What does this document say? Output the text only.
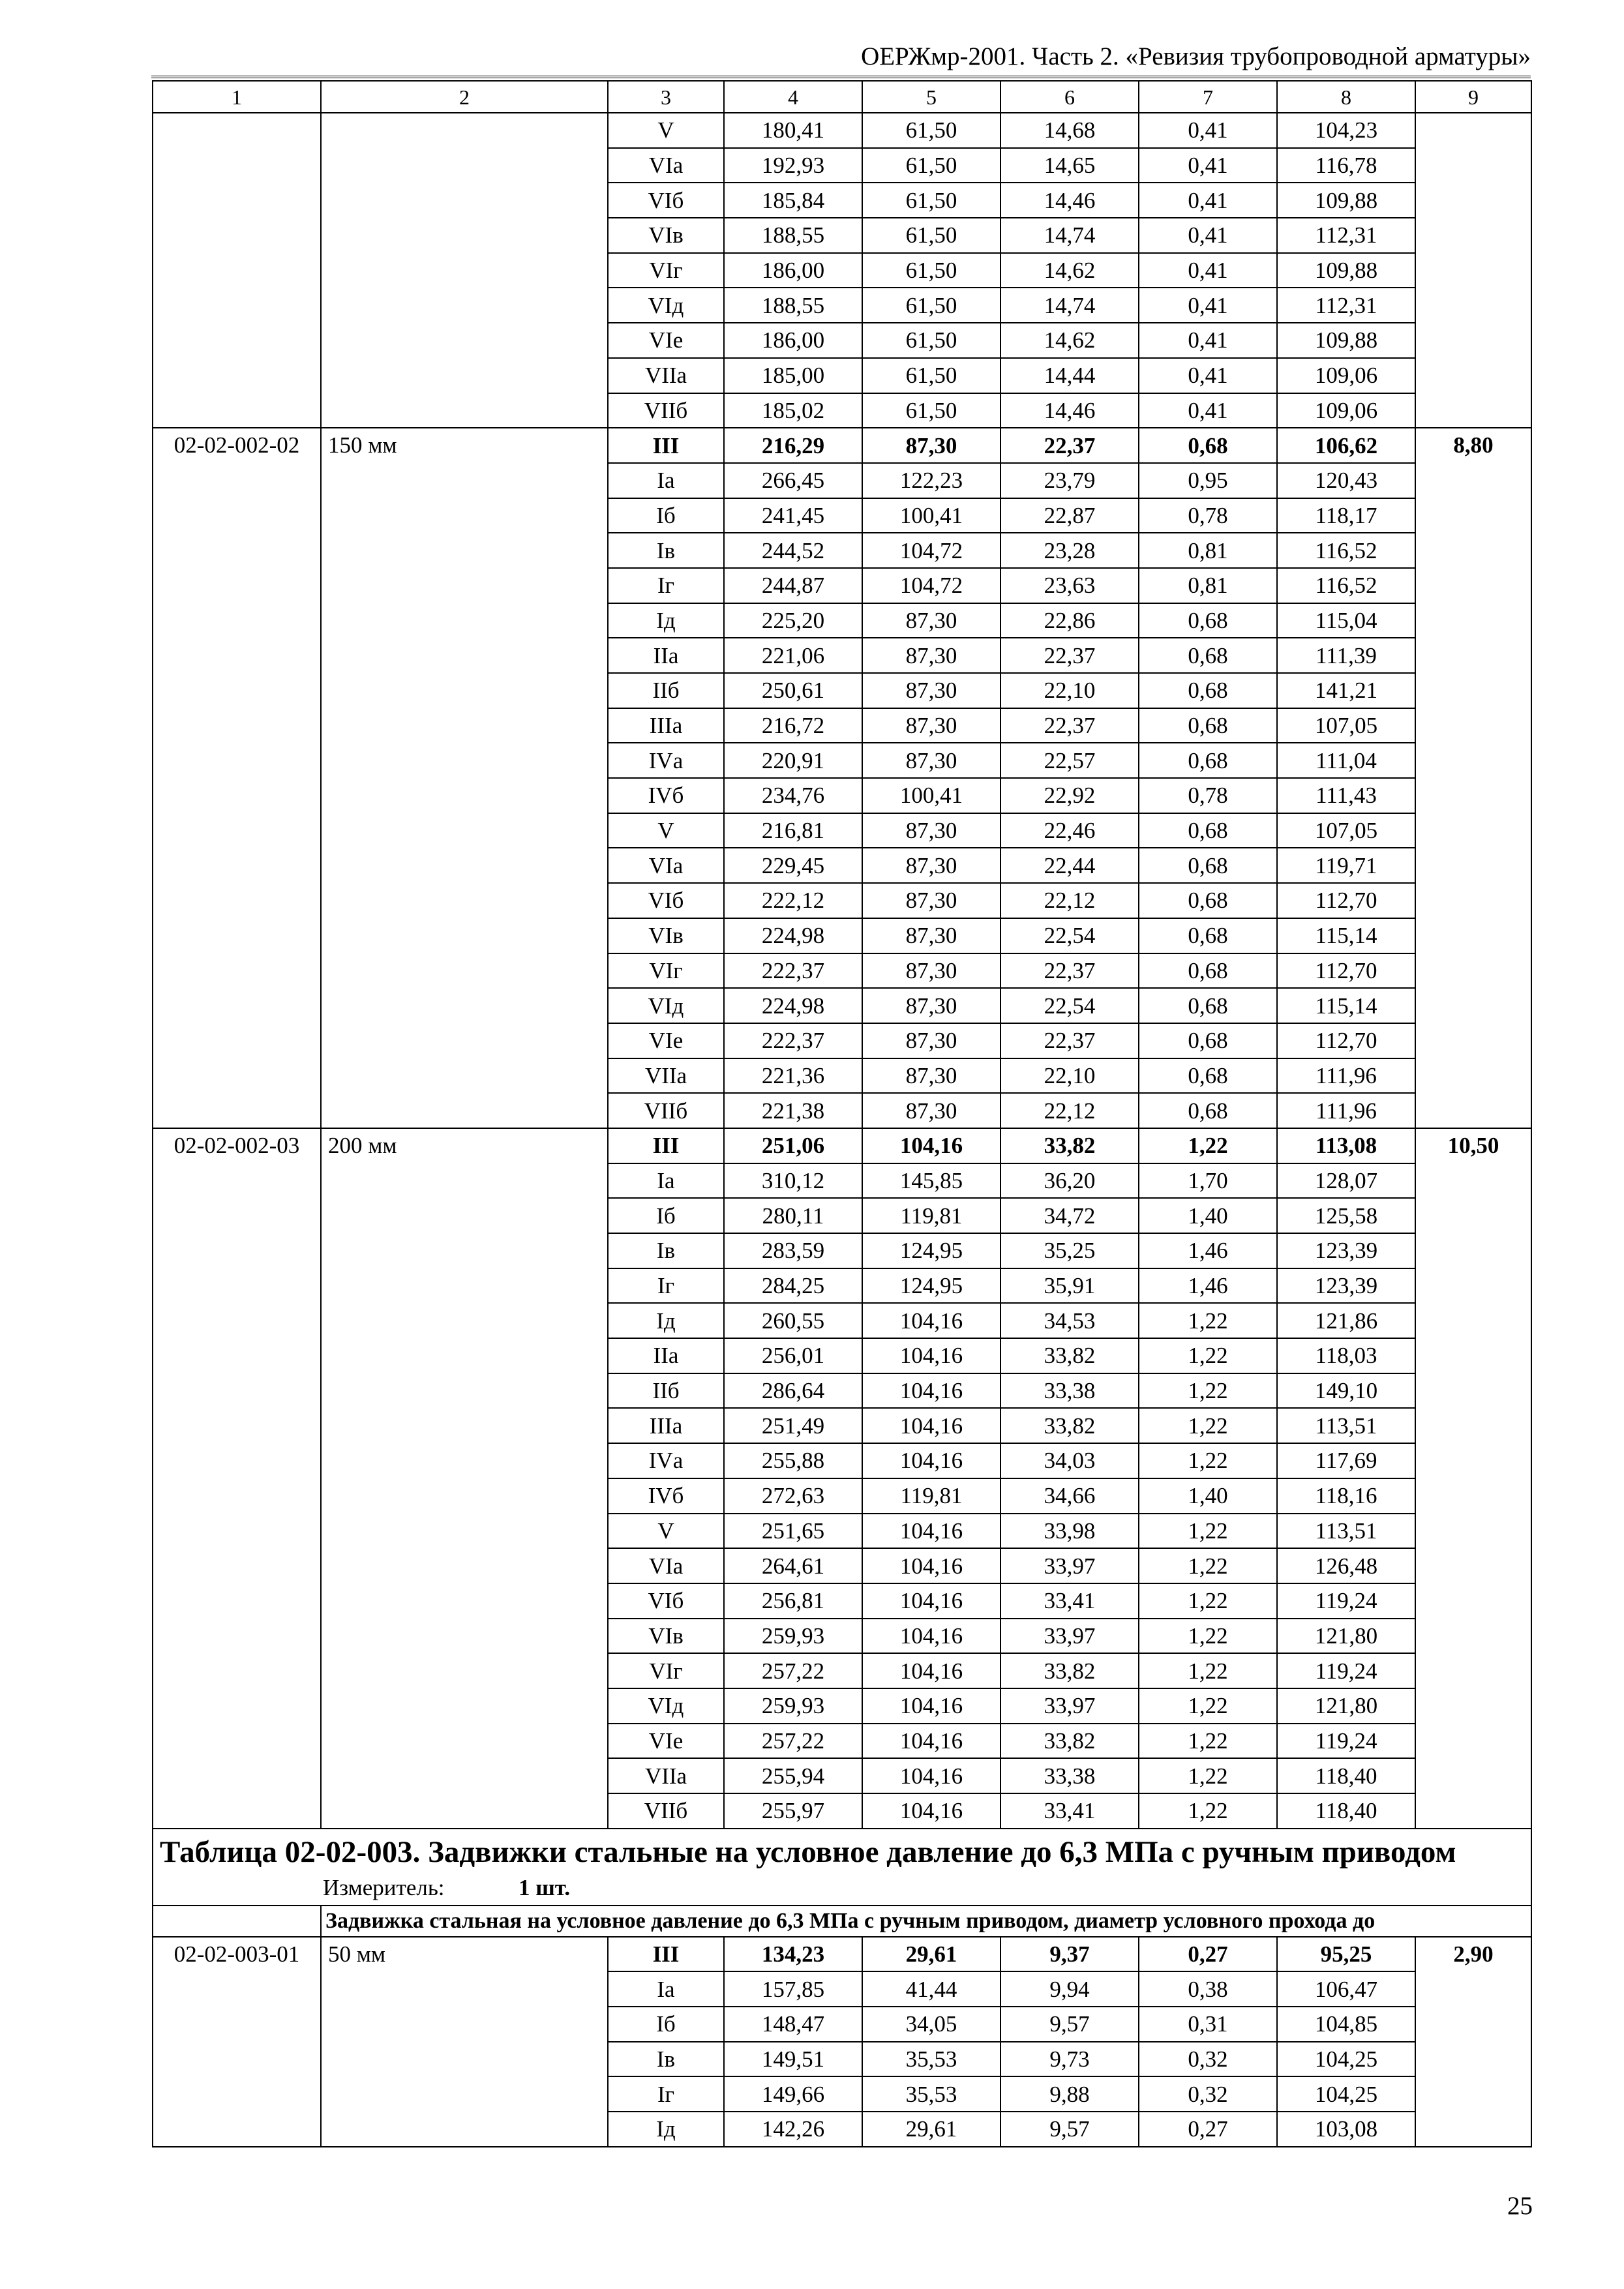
ОЕРЖмр-2001. Часть 2. «Ревизия трубопроводной арматуры»
1	2	3	4	5	6	7	8	9
		V	180,41	61,50	14,68	0,41	104,23	
		VIа	192,93	61,50	14,65	0,41	116,78	
		VIб	185,84	61,50	14,46	0,41	109,88	
		VIв	188,55	61,50	14,74	0,41	112,31	
		VIг	186,00	61,50	14,62	0,41	109,88	
		VIд	188,55	61,50	14,74	0,41	112,31	
		VIе	186,00	61,50	14,62	0,41	109,88	
		VIIа	185,00	61,50	14,44	0,41	109,06	
		VIIб	185,02	61,50	14,46	0,41	109,06	
02-02-002-02	150 мм	III	216,29	87,30	22,37	0,68	106,62	8,80
		Iа	266,45	122,23	23,79	0,95	120,43	
		Iб	241,45	100,41	22,87	0,78	118,17	
		Iв	244,52	104,72	23,28	0,81	116,52	
		Iг	244,87	104,72	23,63	0,81	116,52	
		Iд	225,20	87,30	22,86	0,68	115,04	
		IIа	221,06	87,30	22,37	0,68	111,39	
		IIб	250,61	87,30	22,10	0,68	141,21	
		IIIа	216,72	87,30	22,37	0,68	107,05	
		IVа	220,91	87,30	22,57	0,68	111,04	
		IVб	234,76	100,41	22,92	0,78	111,43	
		V	216,81	87,30	22,46	0,68	107,05	
		VIа	229,45	87,30	22,44	0,68	119,71	
		VIб	222,12	87,30	22,12	0,68	112,70	
		VIв	224,98	87,30	22,54	0,68	115,14	
		VIг	222,37	87,30	22,37	0,68	112,70	
		VIд	224,98	87,30	22,54	0,68	115,14	
		VIе	222,37	87,30	22,37	0,68	112,70	
		VIIа	221,36	87,30	22,10	0,68	111,96	
		VIIб	221,38	87,30	22,12	0,68	111,96	
02-02-002-03	200 мм	III	251,06	104,16	33,82	1,22	113,08	10,50
		Iа	310,12	145,85	36,20	1,70	128,07	
		Iб	280,11	119,81	34,72	1,40	125,58	
		Iв	283,59	124,95	35,25	1,46	123,39	
		Iг	284,25	124,95	35,91	1,46	123,39	
		Iд	260,55	104,16	34,53	1,22	121,86	
		IIа	256,01	104,16	33,82	1,22	118,03	
		IIб	286,64	104,16	33,38	1,22	149,10	
		IIIа	251,49	104,16	33,82	1,22	113,51	
		IVа	255,88	104,16	34,03	1,22	117,69	
		IVб	272,63	119,81	34,66	1,40	118,16	
		V	251,65	104,16	33,98	1,22	113,51	
		VIа	264,61	104,16	33,97	1,22	126,48	
		VIб	256,81	104,16	33,41	1,22	119,24	
		VIв	259,93	104,16	33,97	1,22	121,80	
		VIг	257,22	104,16	33,82	1,22	119,24	
		VIд	259,93	104,16	33,97	1,22	121,80	
		VIе	257,22	104,16	33,82	1,22	119,24	
		VIIа	255,94	104,16	33,38	1,22	118,40	
		VIIб	255,97	104,16	33,41	1,22	118,40	

Таблица 02-02-003. Задвижки стальные на условное давление до 6,3 МПа с ручным приводом
Измеритель: 1 шт.								

	Задвижка стальная на условное давление до 6,3 МПа с ручным приводом, диаметр условного прохода до							
02-02-003-01	50 мм	III	134,23	29,61	9,37	0,27	95,25	2,90
		Iа	157,85	41,44	9,94	0,38	106,47	
		Iб	148,47	34,05	9,57	0,31	104,85	
		Iв	149,51	35,53	9,73	0,32	104,25	
		Iг	149,66	35,53	9,88	0,32	104,25	
		Iд	142,26	29,61	9,57	0,27	103,08	
25
